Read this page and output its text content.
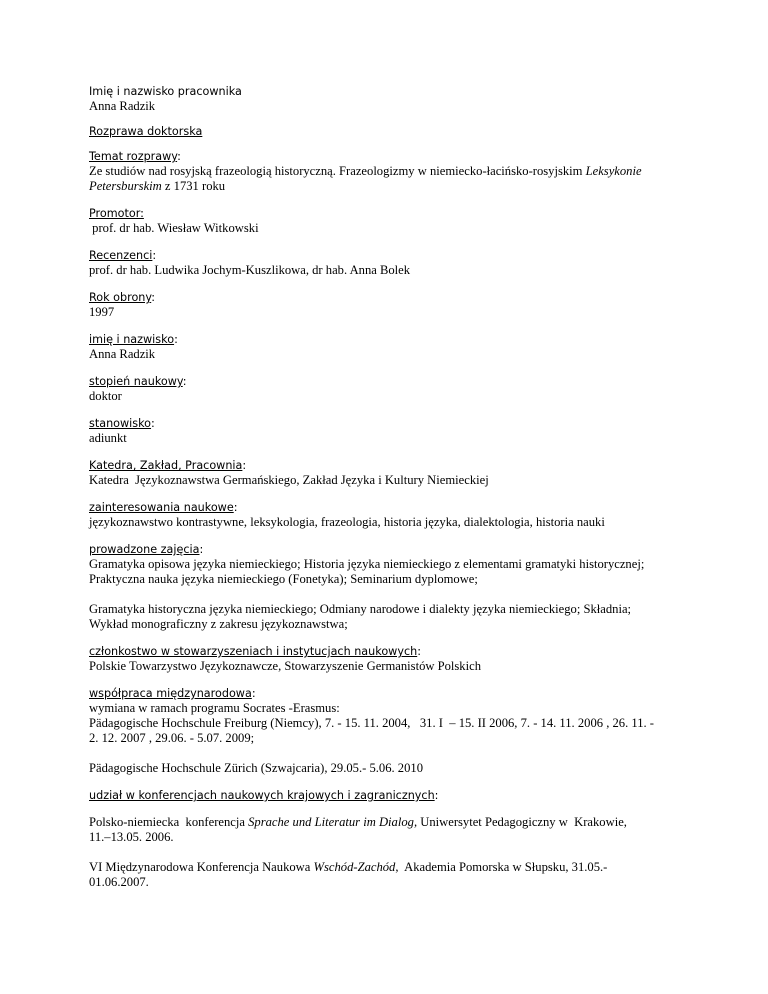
Imię i nazwisko pracownika
Anna Radzik
Rozprawa doktorska
Temat rozprawy:
Ze studiów nad rosyjską frazeologią historyczną. Frazeologizmy w niemiecko-łacińsko-rosyjskim Leksykonie
Petersburskim z 1731 roku
Promotor:
prof. dr hab. Wiesław Witkowski
Recenzenci:
prof. dr hab. Ludwika Jochym-Kuszlikowa, dr hab. Anna Bolek
Rok obrony:
1997
imię i nazwisko:
Anna Radzik
stopień naukowy:
doktor
stanowisko:
adiunkt
Katedra, Zakład, Pracownia:
Katedra  Językoznawstwa Germańskiego, Zakład Języka i Kultury Niemieckiej
zainteresowania naukowe:
językoznawstwo kontrastywne, leksykologia, frazeologia, historia języka, dialektologia, historia nauki
prowadzone zajęcia:
Gramatyka opisowa języka niemieckiego; Historia języka niemieckiego z elementami gramatyki historycznej;
Praktyczna nauka języka niemieckiego (Fonetyka); Seminarium dyplomowe;
Gramatyka historyczna języka niemieckiego; Odmiany narodowe i dialekty języka niemieckiego; Składnia;
Wykład monograficzny z zakresu językoznawstwa;
członkostwo w stowarzyszeniach i instytucjach naukowych:
Polskie Towarzystwo Językoznawcze, Stowarzyszenie Germanistów Polskich
współpraca międzynarodowa:
wymiana w ramach programu Socrates -Erasmus:
Pädagogische Hochschule Freiburg (Niemcy), 7. - 15. 11. 2004,   31. I  – 15. II 2006, 7. - 14. 11. 2006 , 26. 11. -
2. 12. 2007 , 29.06. - 5.07. 2009;
Pädagogische Hochschule Zürich (Szwajcaria), 29.05.- 5.06. 2010
udział w konferencjach naukowych krajowych i zagranicznych:
Polsko-niemiecka  konferencja Sprache und Literatur im Dialog, Uniwersytet Pedagogiczny w  Krakowie,
11.–13.05. 2006.
VI Międzynarodowa Konferencja Naukowa Wschód-Zachód,  Akademia Pomorska w Słupsku, 31.05.-
01.06.2007.
